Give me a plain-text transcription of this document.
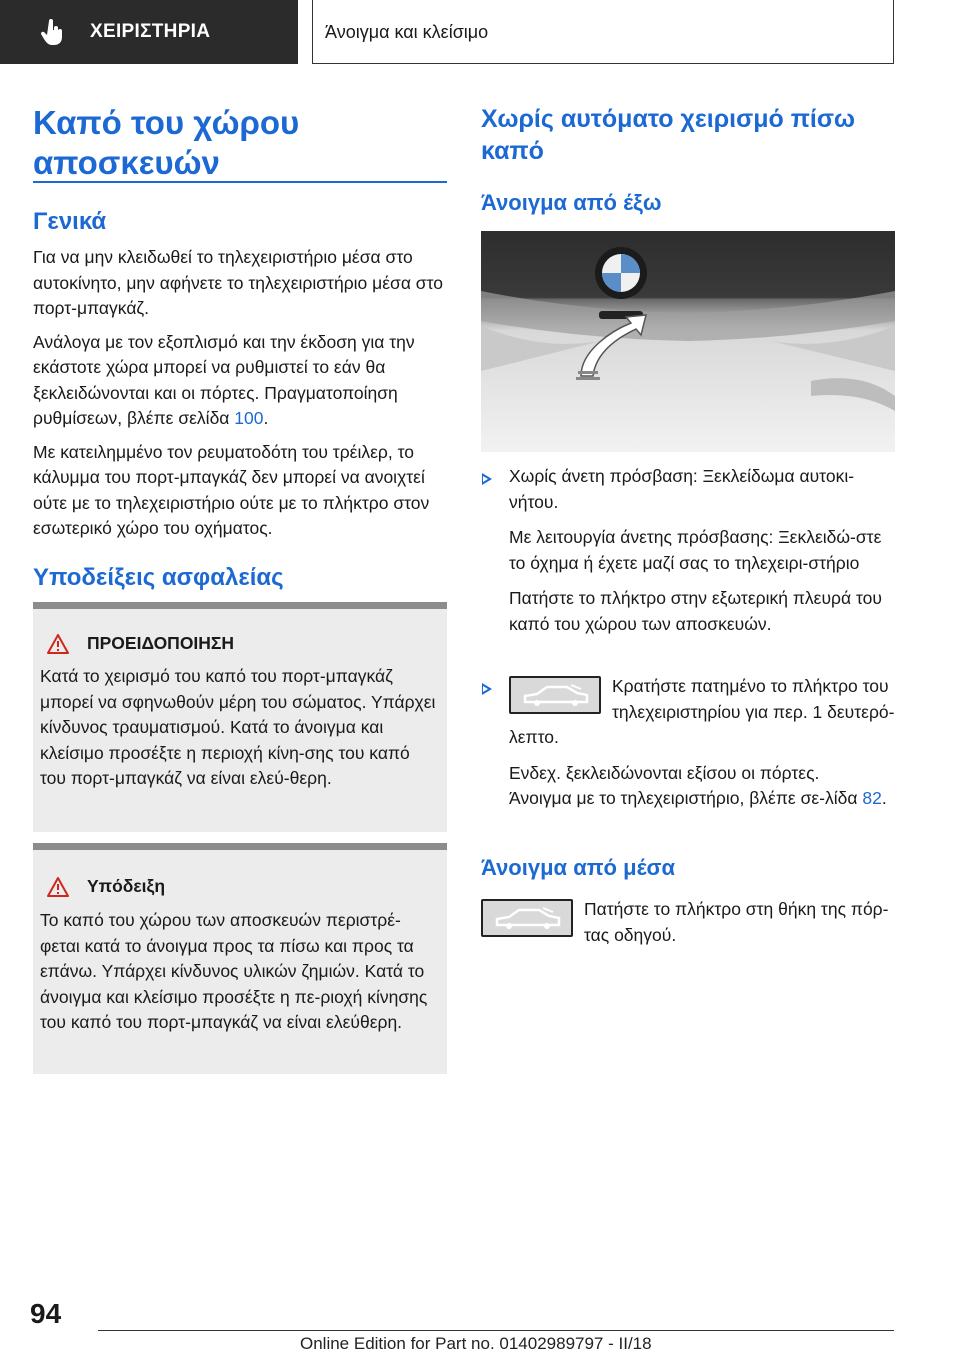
ΧΕΙΡΙΣΤΗΡΙΑ	Άνοιγμα και κλείσιμο
Καπό του χώρου
αποσκευών
Γενικά

Για να μην κλειδωθεί το τηλεχειριστήριο μέσα στο αυτοκίνητο, μην αφήνετε το τηλεχειριστήριο μέσα στο πορτ-μπαγκάζ.

Ανάλογα με τον εξοπλισμό και την έκδοση για την εκάστοτε χώρα μπορεί να ρυθμιστεί το εάν θα ξεκλειδώνονται και οι πόρτες. Πραγματοποίηση ρυθμίσεων, βλέπε σελίδα 100.

Με κατειλημμένο τον ρευματοδότη του τρέιλερ, το κάλυμμα του πορτ-μπαγκάζ δεν μπορεί να ανοιχτεί ούτε με το τηλεχειριστήριο ούτε με το πλήκτρο στον εσωτερικό χώρο του οχήματος.

Υποδείξεις ασφαλείας
ΠΡΟΕΙΔΟΠΟΙΗΣΗ

Κατά το χειρισμό του καπό του πορτ-μπαγκάζ μπορεί να σφηνωθούν μέρη του σώματος. Υπάρχει κίνδυνος τραυματισμού. Κατά το άνοιγμα και κλείσιμο προσέξτε η περιοχή κίνη-σης του καπό του πορτ-μπαγκάζ να είναι ελεύ-θερη.

Υπόδειξη

Το καπό του χώρου των αποσκευών περιστρέ-φεται κατά το άνοιγμα προς τα πίσω και προς τα επάνω. Υπάρχει κίνδυνος υλικών ζημιών. Κατά το άνοιγμα και κλείσιμο προσέξτε η πε-ριοχή κίνησης του καπό του πορτ-μπαγκάζ να είναι ελεύθερη.

Χωρίς αυτόματο χειρισμό πίσω
καπό
Άνοιγμα από έξω

Χωρίς άνετη πρόσβαση: Ξεκλείδωμα αυτοκι-νήτου.

Με λειτουργία άνετης πρόσβασης: Ξεκλειδώ-στε το όχημα ή έχετε μαζί σας το τηλεχειρι-στήριο

Πατήστε το πλήκτρο στην εξωτερική πλευρά του καπό του χώρου των αποσκευών.

Κρατήστε πατημένο το πλήκτρο του

τηλεχειριστηρίου για περ. 1 δευτερό-

λεπτο.

Ενδεχ. ξεκλειδώνονται εξίσου οι πόρτες.

Άνοιγμα με το τηλεχειριστήριο, βλέπε σε-λίδα 82.

Άνοιγμα από μέσα

Πατήστε το πλήκτρο στη θήκη της πόρ-

τας οδηγού.

94
Online Edition for Part no. 01402989797 - II/18
